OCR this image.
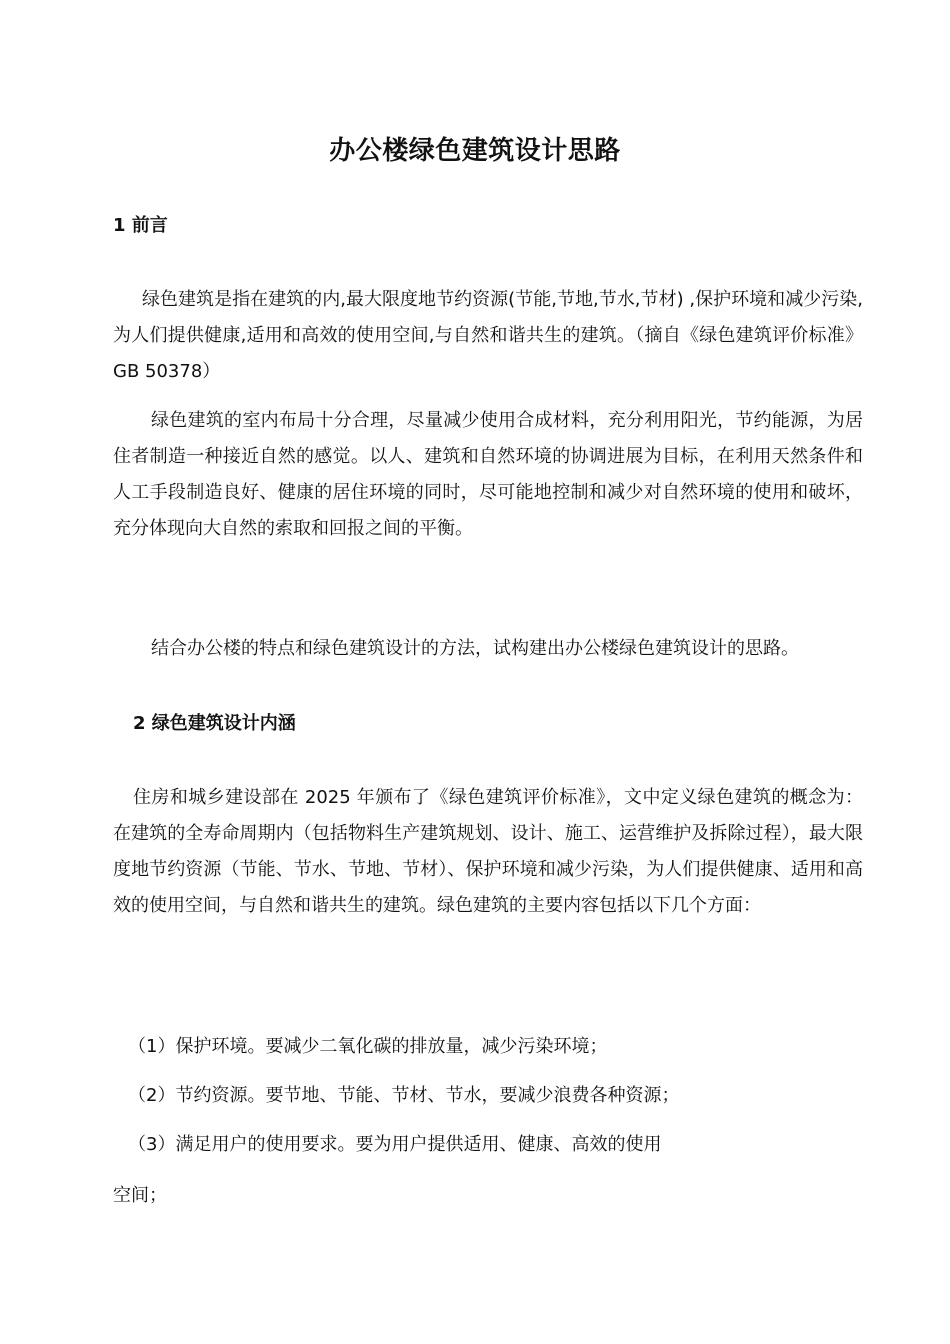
办公楼绿色建筑设计思路
1 前言

绿色建筑是指在建筑的内,最大限度地节约资源(节能,节地,节水,节材) ,保护环境和减少污染,为人们提供健康,适用和高效的使用空间,与自然和谐共生的建筑。（摘自《绿色建筑评价标准》GB 50378）

绿色建筑的室内布局十分合理，尽量减少使用合成材料，充分利用阳光，节约能源，为居住者制造一种接近自然的感觉。以人、建筑和自然环境的协调进展为目标，在利用天然条件和人工手段制造良好、健康的居住环境的同时，尽可能地控制和减少对自然环境的使用和破坏，充分体现向大自然的索取和回报之间的平衡。

结合办公楼的特点和绿色建筑设计的方法，试构建出办公楼绿色建筑设计的思路。

2 绿色建筑设计内涵

住房和城乡建设部在 2025 年颁布了《绿色建筑评价标准》，文中定义绿色建筑的概念为：在建筑的全寿命周期内（包括物料生产建筑规划、设计、施工、运营维护及拆除过程），最大限度地节约资源（节能、节水、节地、节材）、保护环境和减少污染，为人们提供健康、适用和高效的使用空间，与自然和谐共生的建筑。绿色建筑的主要内容包括以下几个方面：

（1）保护环境。要减少二氧化碳的排放量，减少污染环境；

（2）节约资源。要节地、节能、节材、节水，要减少浪费各种资源；

（3）满足用户的使用要求。要为用户提供适用、健康、高效的使用

空间；
